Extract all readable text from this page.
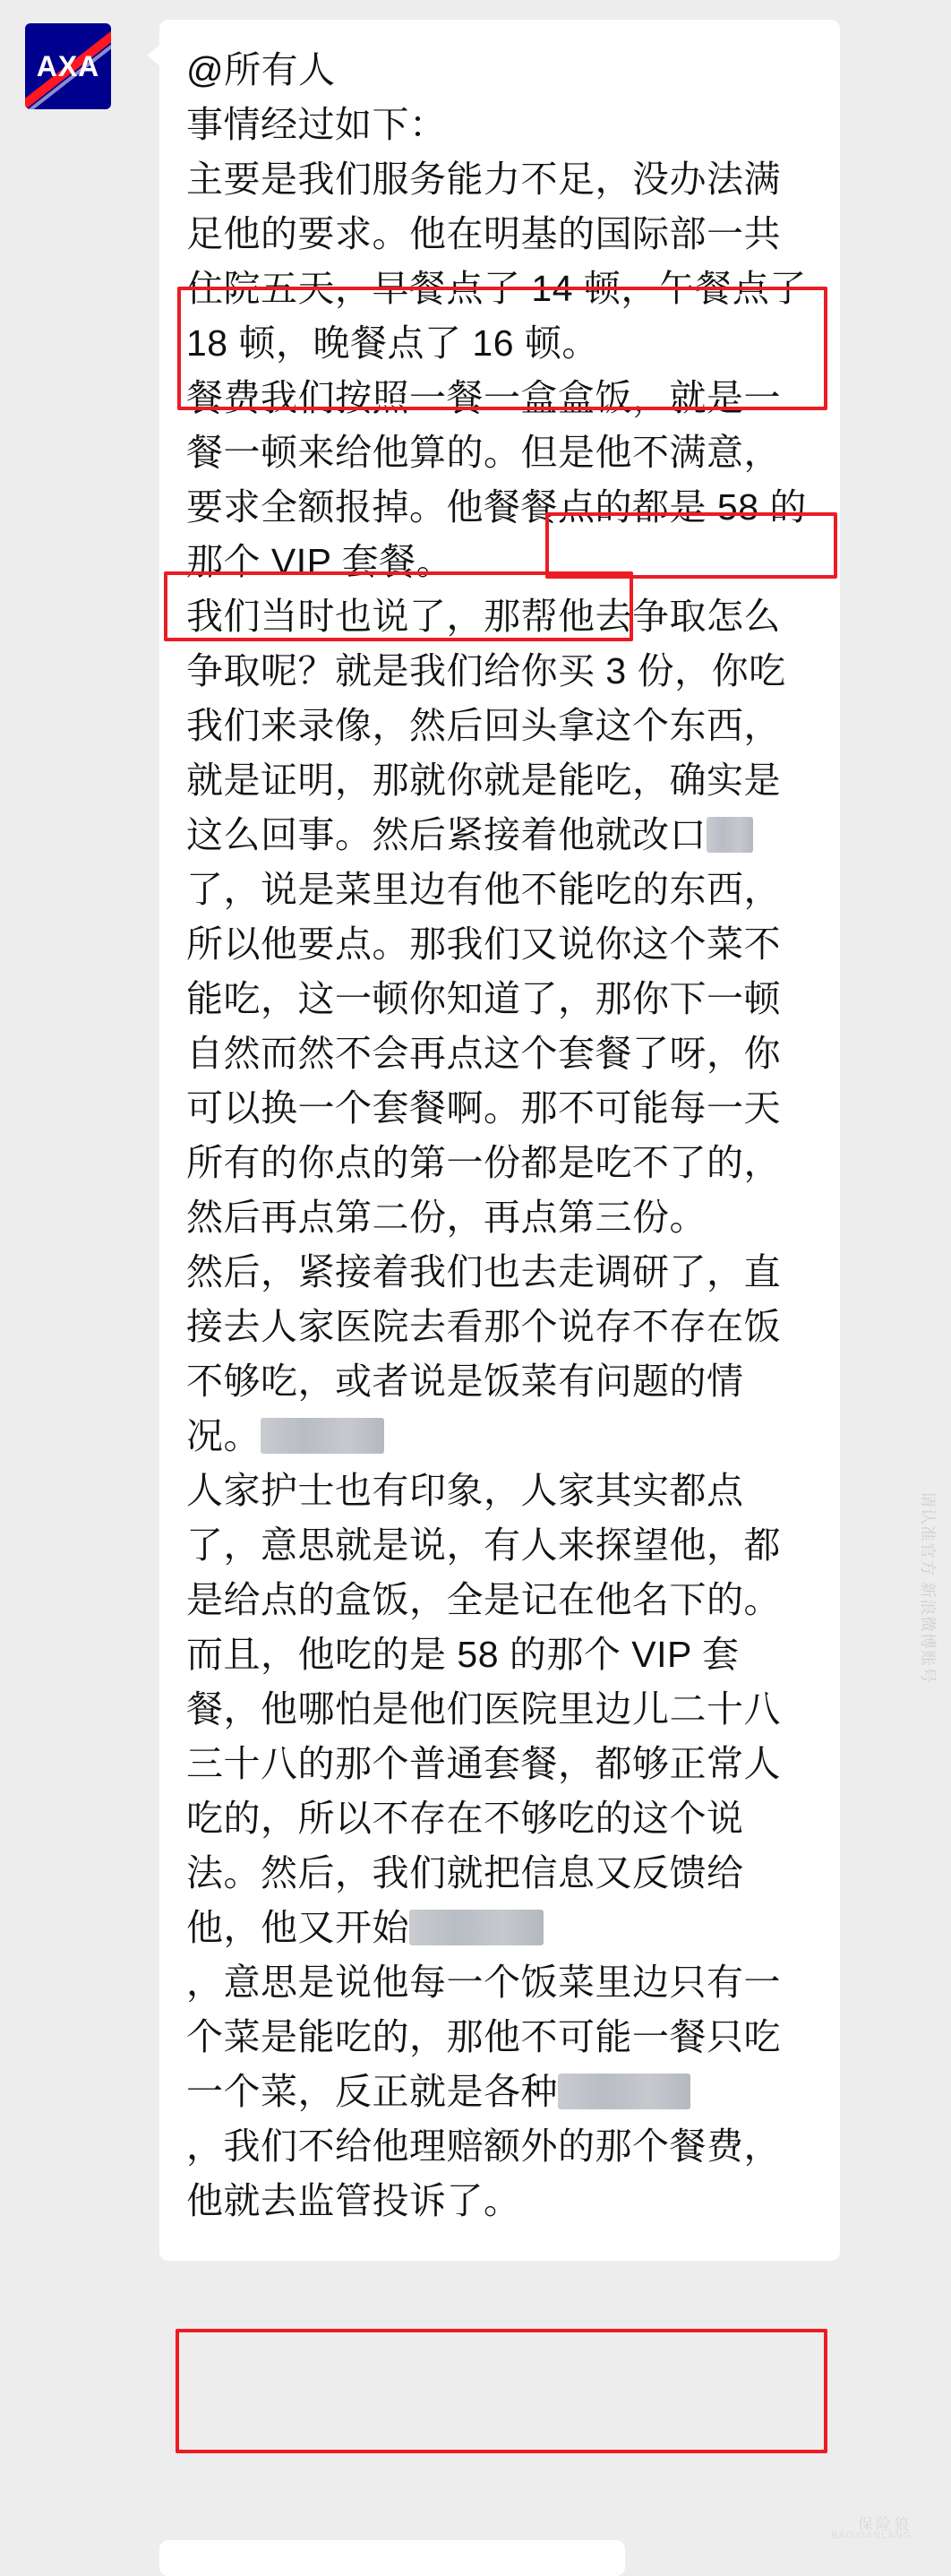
AXA	@所有人

事情经过如下：

主要是我们服务能力不足，没办法满足他的要求。他在明基的国际部一共住院五天，早餐点了 14 顿，午餐点了 18 顿，晚餐点了 16 顿。

餐费我们按照一餐一盒盒饭，就是一餐一顿来给他算的。但是他不满意，要求全额报掉。他餐餐点的都是 58 的那个 VIP 套餐。

我们当时也说了，那帮他去争取怎么争取呢？就是我们给你买 3 份，你吃我们来录像，然后回头拿这个东西，就是证明，那就你就是能吃，确实是这么回事。然后紧接着他就改口

了，说是菜里边有他不能吃的东西，所以他要点。那我们又说你这个菜不能吃，这一顿你知道了，那你下一顿自然而然不会再点这个套餐了呀，你可以换一个套餐啊。那不可能每一天所有的你点的第一份都是吃不了的，然后再点第二份，再点第三份。

然后，紧接着我们也去走调研了，直接去人家医院去看那个说存不存在饭不够吃，或者说是饭菜有问题的情况。

人家护士也有印象，人家其实都点了，意思就是说，有人来探望他，都是给点的盒饭，全是记在他名下的。

而且，他吃的是 58 的那个 VIP 套餐，他哪怕是他们医院里边儿二十八三十八的那个普通套餐，都够正常人吃的，所以不存在不够吃的这个说法。然后，我们就把信息又反馈给他，他又开始

，意思是说他每一个饭菜里边只有一个菜是能吃的，那他不可能一餐只吃一个菜，反正就是各种

，我们不给他理赔额外的那个餐费，他就去监管投诉了。

请认准官方 新浪微博账号
保险狼
BAOXIANLANG
